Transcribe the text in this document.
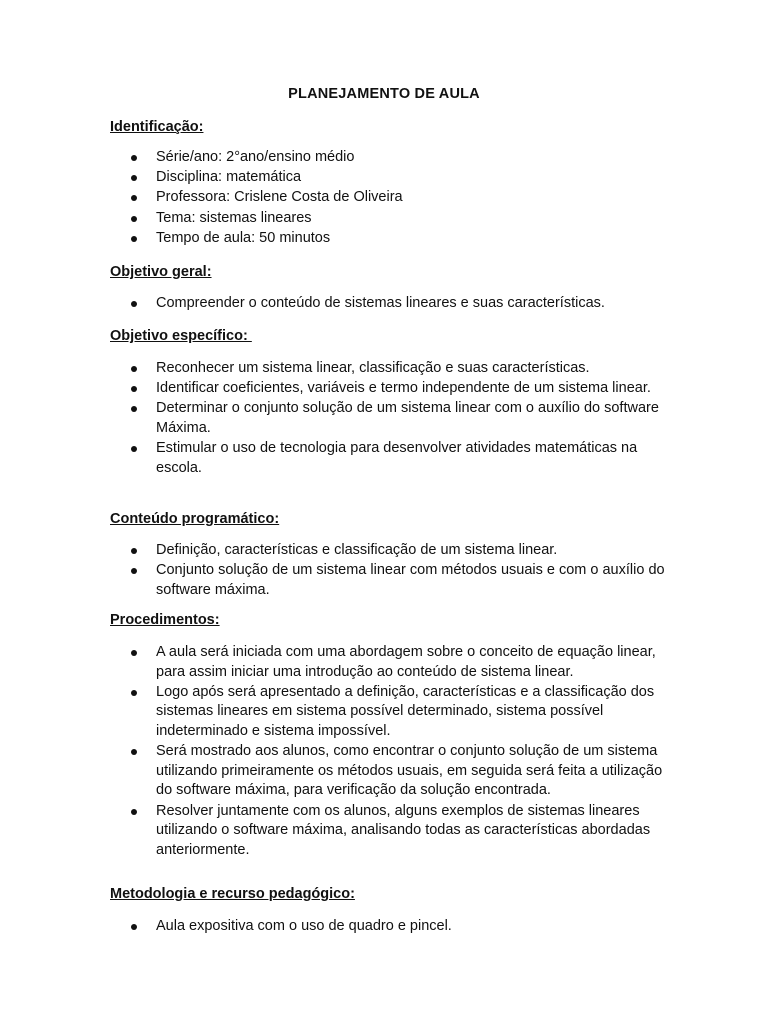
PLANEJAMENTO DE AULA
Identificação:
Série/ano: 2°ano/ensino médio
Disciplina: matemática
Professora: Crislene Costa de Oliveira
Tema: sistemas lineares
Tempo de aula: 50 minutos
Objetivo geral:
Compreender o conteúdo de sistemas lineares e suas características.
Objetivo específico:
Reconhecer um sistema linear, classificação e suas características.
Identificar coeficientes, variáveis e termo independente de um sistema linear.
Determinar o conjunto solução de um sistema linear com o auxílio do software Máxima.
Estimular o uso de tecnologia para desenvolver atividades matemáticas na escola.
Conteúdo programático:
Definição, características e classificação de um sistema linear.
Conjunto solução de um sistema linear com métodos usuais e com o auxílio do software máxima.
Procedimentos:
A aula será iniciada com uma abordagem sobre o conceito de equação linear, para assim iniciar uma introdução ao conteúdo de sistema linear.
Logo após será apresentado a definição, características e a classificação dos sistemas lineares em sistema possível determinado, sistema possível indeterminado e sistema impossível.
Será mostrado aos alunos, como encontrar o conjunto solução de um sistema utilizando primeiramente os métodos usuais, em seguida será feita a utilização do software máxima, para verificação da solução encontrada.
Resolver juntamente com os alunos, alguns exemplos de sistemas lineares utilizando o software máxima, analisando todas as características abordadas anteriormente.
Metodologia e recurso pedagógico:
Aula expositiva com o uso de quadro e pincel.
